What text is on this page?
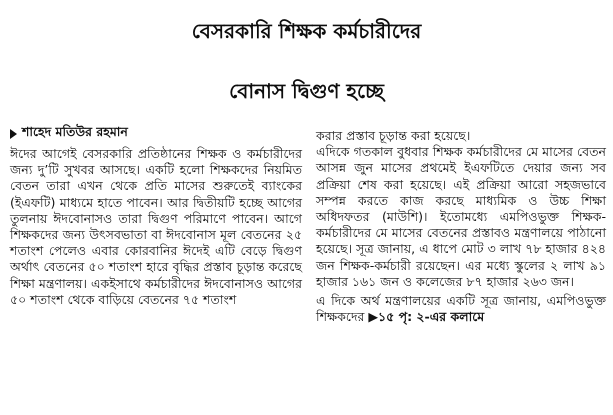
বেসরকারি শিক্ষক কর্মচারীদের
বোনাস দ্বিগুণ হচ্ছে
শাহেদ মতিউর রহমান

ঈদের আগেই বেসরকারি প্রতিষ্ঠানের শিক্ষক ও কর্মচারীদের জন্য দু’টি সুখবর আসছে। একটি হলো শিক্ষকদের নিয়মিত বেতন তারা এখন থেকে প্রতি মাসের শুরুতেই ব্যাংকের (ইএফটি) মাধ্যমে হাতে পাবেন। আর দ্বিতীয়টি হচ্ছে আগের তুলনায় ঈদবোনাসও তারা দ্বিগুণ পরিমাণে পাবেন। আগে শিক্ষকদের জন্য উৎসবভাতা বা ঈদবোনাস মূল বেতনের ২৫ শতাংশ পেলেও এবার কোরবানির ঈদেই এটি বেড়ে দ্বিগুণ অর্থাৎ বেতনের ৫০ শতাংশ হারে বৃদ্ধির প্রস্তাব চূড়ান্ত করেছে শিক্ষা মন্ত্রণালয়। একইসাথে কর্মচারীদের ঈদবোনাসও আগের ৫০ শতাংশ থেকে বাড়িয়ে বেতনের ৭৫ শতাংশ

করার প্রস্তাব চূড়ান্ত করা হয়েছে।

এদিকে গতকাল বুধবার শিক্ষক কর্মচারীদের মে মাসের বেতন আসন্ন জুন মাসের প্রথমেই ইএফটিতে দেয়ার জন্য সব প্রক্রিয়া শেষ করা হয়েছে। এই প্রক্রিয়া আরো সহজভাবে সম্পন্ন করতে কাজ করছে মাধ্যমিক ও উচ্চ শিক্ষা অধিদফতর (মাউশি)। ইতোমধ্যে এমপিওভুক্ত শিক্ষক-কর্মচারীদের মে মাসের বেতনের প্রস্তাবও মন্ত্রণালয়ে পাঠানো হয়েছে। সূত্র জানায়, এ ধাপে মোট ৩ লাখ ৭৮ হাজার ৪২৪ জন শিক্ষক-কর্মচারী রয়েছেন। এর মধ্যে স্কুলের ২ লাখ ৯১ হাজার ১৬১ জন ও কলেজের ৮৭ হাজার ২৬৩ জন।

এ দিকে অর্থ মন্ত্রণালয়ের একটি সূত্র জানায়, এমপিওভুক্ত শিক্ষকদের ▶১৫ পৃ: ২-এর কলামে
